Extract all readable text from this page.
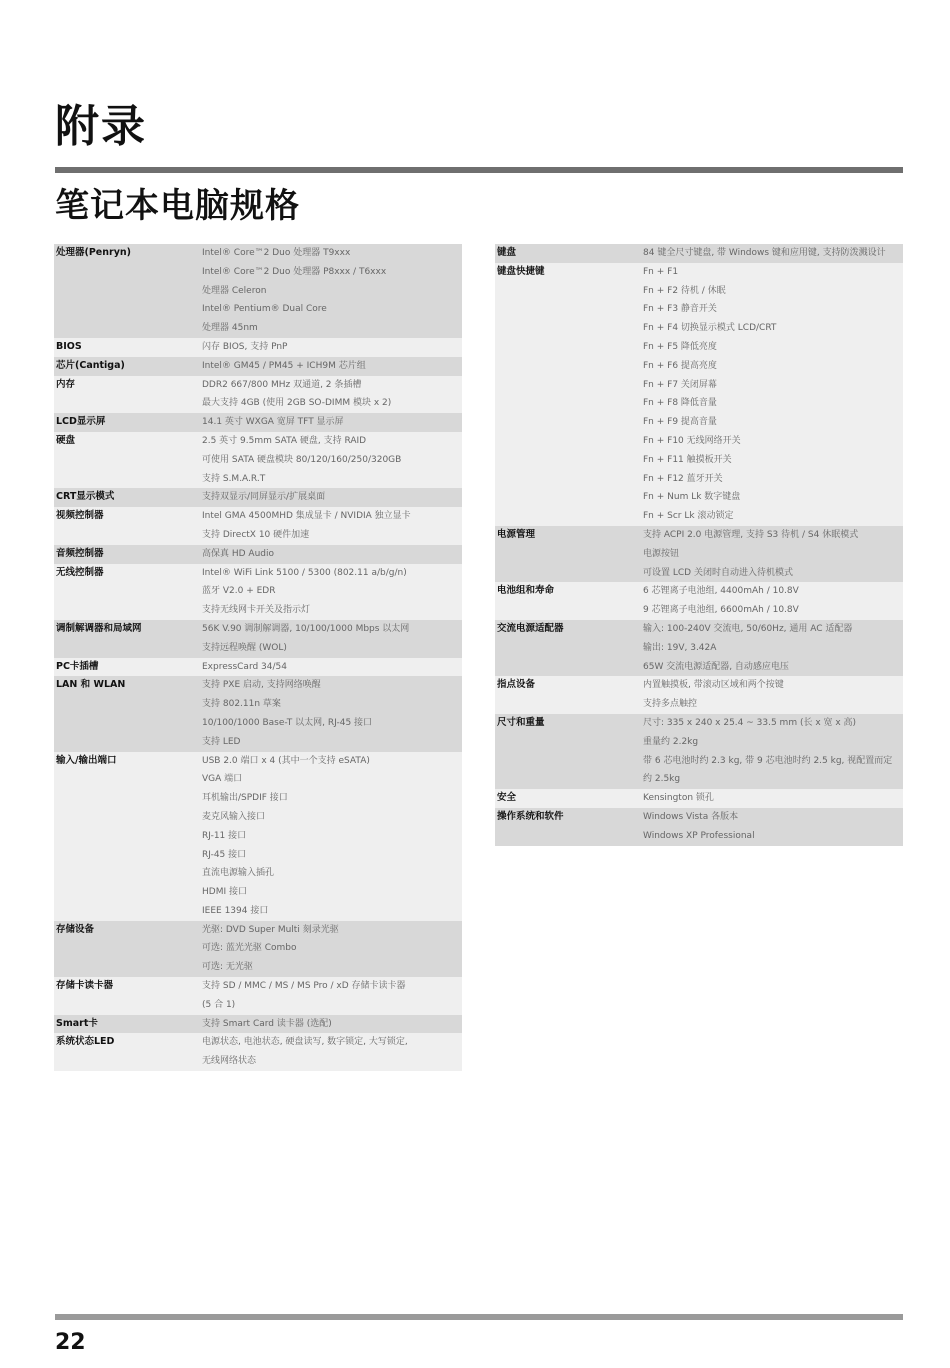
附录
笔记本电脑规格
处理器(Penryn)	Intel® Core™2 Duo 处理器 T9xxx
Intel® Core™2 Duo 处理器 P8xxx / T6xxx
处理器 Celeron
Intel® Pentium® Dual Core
处理器 45nm
BIOS	闪存 BIOS, 支持 PnP
芯片(Cantiga)	Intel® GM45 / PM45 + ICH9M 芯片组
内存	DDR2 667/800 MHz 双通道, 2 条插槽
最大支持 4GB (使用 2GB SO-DIMM 模块 x 2)
LCD显示屏	14.1 英寸 WXGA 宽屏 TFT 显示屏
硬盘	2.5 英寸 9.5mm SATA 硬盘, 支持 RAID
可使用 SATA 硬盘模块 80/120/160/250/320GB
支持 S.M.A.R.T
CRT显示模式	支持双显示/同屏显示/扩展桌面
视频控制器	Intel GMA 4500MHD 集成显卡 / NVIDIA 独立显卡
支持 DirectX 10 硬件加速
音频控制器	高保真 HD Audio
无线控制器	Intel® WiFi Link 5100 / 5300 (802.11 a/b/g/n)
蓝牙 V2.0 + EDR
支持无线网卡开关及指示灯
调制解调器和局域网	56K V.90 调制解调器, 10/100/1000 Mbps 以太网
支持远程唤醒 (WOL)
PC卡插槽	ExpressCard 34/54
LAN 和 WLAN	支持 PXE 启动, 支持网络唤醒
支持 802.11n 草案
10/100/1000 Base-T 以太网, RJ-45 接口
支持 LED
输入/输出端口	USB 2.0 端口 x 4 (其中一个支持 eSATA)
VGA 端口
耳机输出/SPDIF 接口
麦克风输入接口
RJ-11 接口
RJ-45 接口
直流电源输入插孔
HDMI 接口
IEEE 1394 接口
存储设备	光驱: DVD Super Multi 刻录光驱
可选: 蓝光光驱 Combo
可选: 无光驱
存储卡读卡器	支持 SD / MMC / MS / MS Pro / xD 存储卡读卡器
(5 合 1)
Smart卡	支持 Smart Card 读卡器 (选配)
系统状态LED	电源状态, 电池状态, 硬盘读写, 数字锁定, 大写锁定,
无线网络状态
键盘	84 键全尺寸键盘, 带 Windows 键和应用键, 支持防泼溅设计
键盘快捷键	Fn + F1
Fn + F2 待机 / 休眠
Fn + F3 静音开关
Fn + F4 切换显示模式 LCD/CRT
Fn + F5 降低亮度
Fn + F6 提高亮度
Fn + F7 关闭屏幕
Fn + F8 降低音量
Fn + F9 提高音量
Fn + F10 无线网络开关
Fn + F11 触摸板开关
Fn + F12 蓝牙开关
Fn + Num Lk 数字键盘
Fn + Scr Lk 滚动锁定
电源管理	支持 ACPI 2.0 电源管理, 支持 S3 待机 / S4 休眠模式
电源按钮
可设置 LCD 关闭时自动进入待机模式
电池组和寿命	6 芯锂离子电池组, 4400mAh / 10.8V
9 芯锂离子电池组, 6600mAh / 10.8V
交流电源适配器	输入: 100-240V 交流电, 50/60Hz, 通用 AC 适配器
输出: 19V, 3.42A
65W 交流电源适配器, 自动感应电压
指点设备	内置触摸板, 带滚动区域和两个按键
支持多点触控
尺寸和重量	尺寸: 335 x 240 x 25.4 ~ 33.5 mm (长 x 宽 x 高)
重量约 2.2kg
带 6 芯电池时约 2.3 kg, 带 9 芯电池时约 2.5 kg, 视配置而定
约 2.5kg
安全	Kensington 锁孔
操作系统和软件	Windows Vista 各版本
Windows XP Professional
22
